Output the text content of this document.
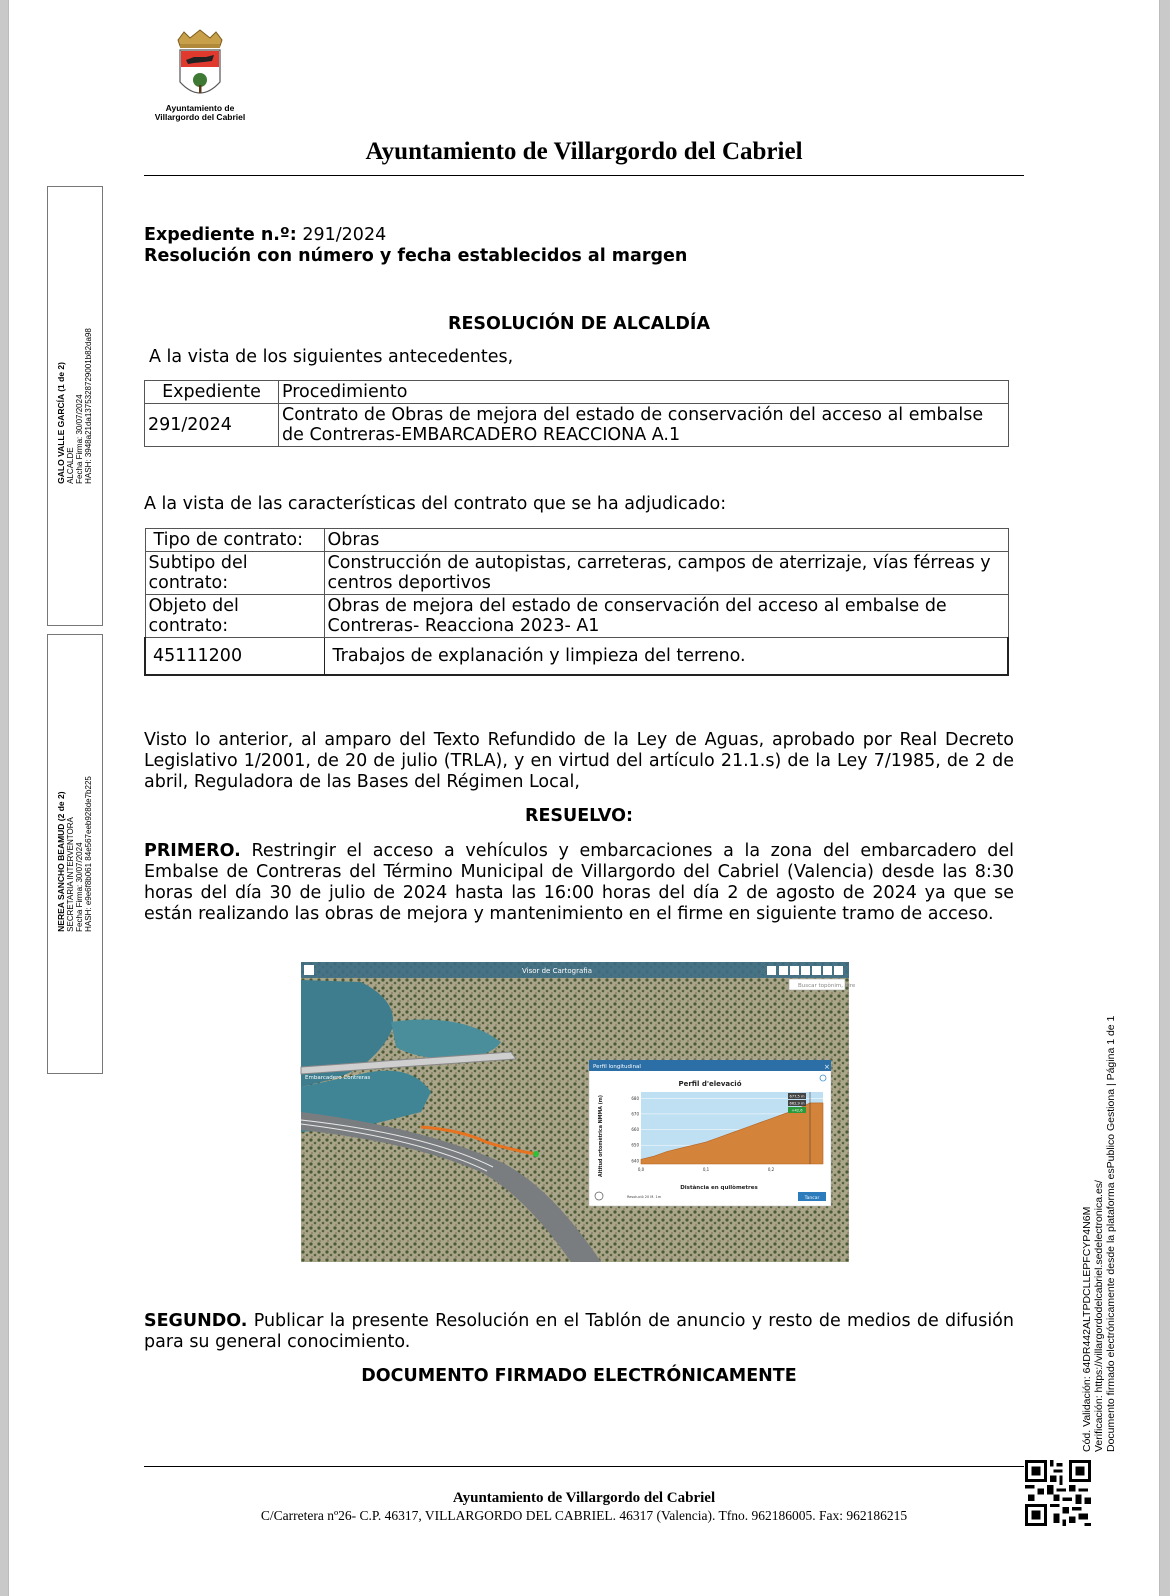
Ayuntamiento de
Villargordo del Cabriel
Ayuntamiento de Villargordo del Cabriel
GALO VALLE GARCÍA (1 de 2)
ALCALDE
Fecha Firma: 30/07/2024
HASH: 3948a21da1375328729001b82da98
NEREA SANCHO BEAMUD (2 de 2)
SECRETARIA INTERVENTORA
Fecha Firma: 30/07/2024
HASH: e9e6f8b061 84e567eeb928de7b225
Cód. Validación: 64DR442ALTPDCLLEPFCYP4N6M Verificación: https://villargordodelcabriel.sedelectronica.es/ Documento firmado electrónicamente desde la plataforma esPublico Gestiona | Página 1 de 1
Expediente n.º: 291/2024
Resolución con número y fecha establecidos al margen
RESOLUCIÓN DE ALCALDÍA
A la vista de los siguientes antecedentes,
Expediente	Procedimiento
291/2024	Contrato de Obras de mejora del estado de conservación del acceso al embalse de Contreras-EMBARCADERO REACCIONA A.1
A la vista de las características del contrato que se ha adjudicado:
Tipo de contrato:	Obras
Subtipo del contrato:	Construcción de autopistas, carreteras, campos de aterrizaje, vías férreas y centros deportivos
Objeto del contrato:	Obras de mejora del estado de conservación del acceso al embalse de Contreras- Reacciona 2023- A1
45111200	Trabajos de explanación y limpieza del terreno.
Visto lo anterior, al amparo del Texto Refundido de la Ley de Aguas, aprobado por Real Decreto Legislativo 1/2001, de 20 de julio (TRLA), y en virtud del artículo 21.1.s) de la Ley 7/1985, de 2 de abril, Reguladora de las Bases del Régimen Local,
RESUELVO:
PRIMERO. Restringir el acceso a vehículos y embarcaciones a la zona del embarcadero del Embalse de Contreras del Término Municipal de Villargordo del Cabriel (Valencia) desde las 8:30 horas del día 30 de julio de 2024 hasta las 16:00 horas del día 2 de agosto de 2024 ya que se están realizando las obras de mejora y mantenimiento en el firme en siguiente tramo de acceso.
Visor de Cartografia
Buscar topònim, dire
Embarcadero Contreras
Perfil longitudinal	×
Perfil d'elevació
Altitud ortomètrica NMMA (m)
Distància en quilòmetres
640
650
660
670
680
0,0	0,1	0,2
677,5 m
662,9 m
+42,6
Resolució 20 M. 1m	Tancar
SEGUNDO. Publicar la presente Resolución en el Tablón de anuncio y resto de medios de difusión para su general conocimiento.
DOCUMENTO FIRMADO ELECTRÓNICAMENTE
Ayuntamiento de Villargordo del Cabriel
C/Carretera nº26- C.P. 46317, VILLARGORDO DEL CABRIEL. 46317 (Valencia). Tfno. 962186005. Fax: 962186215
